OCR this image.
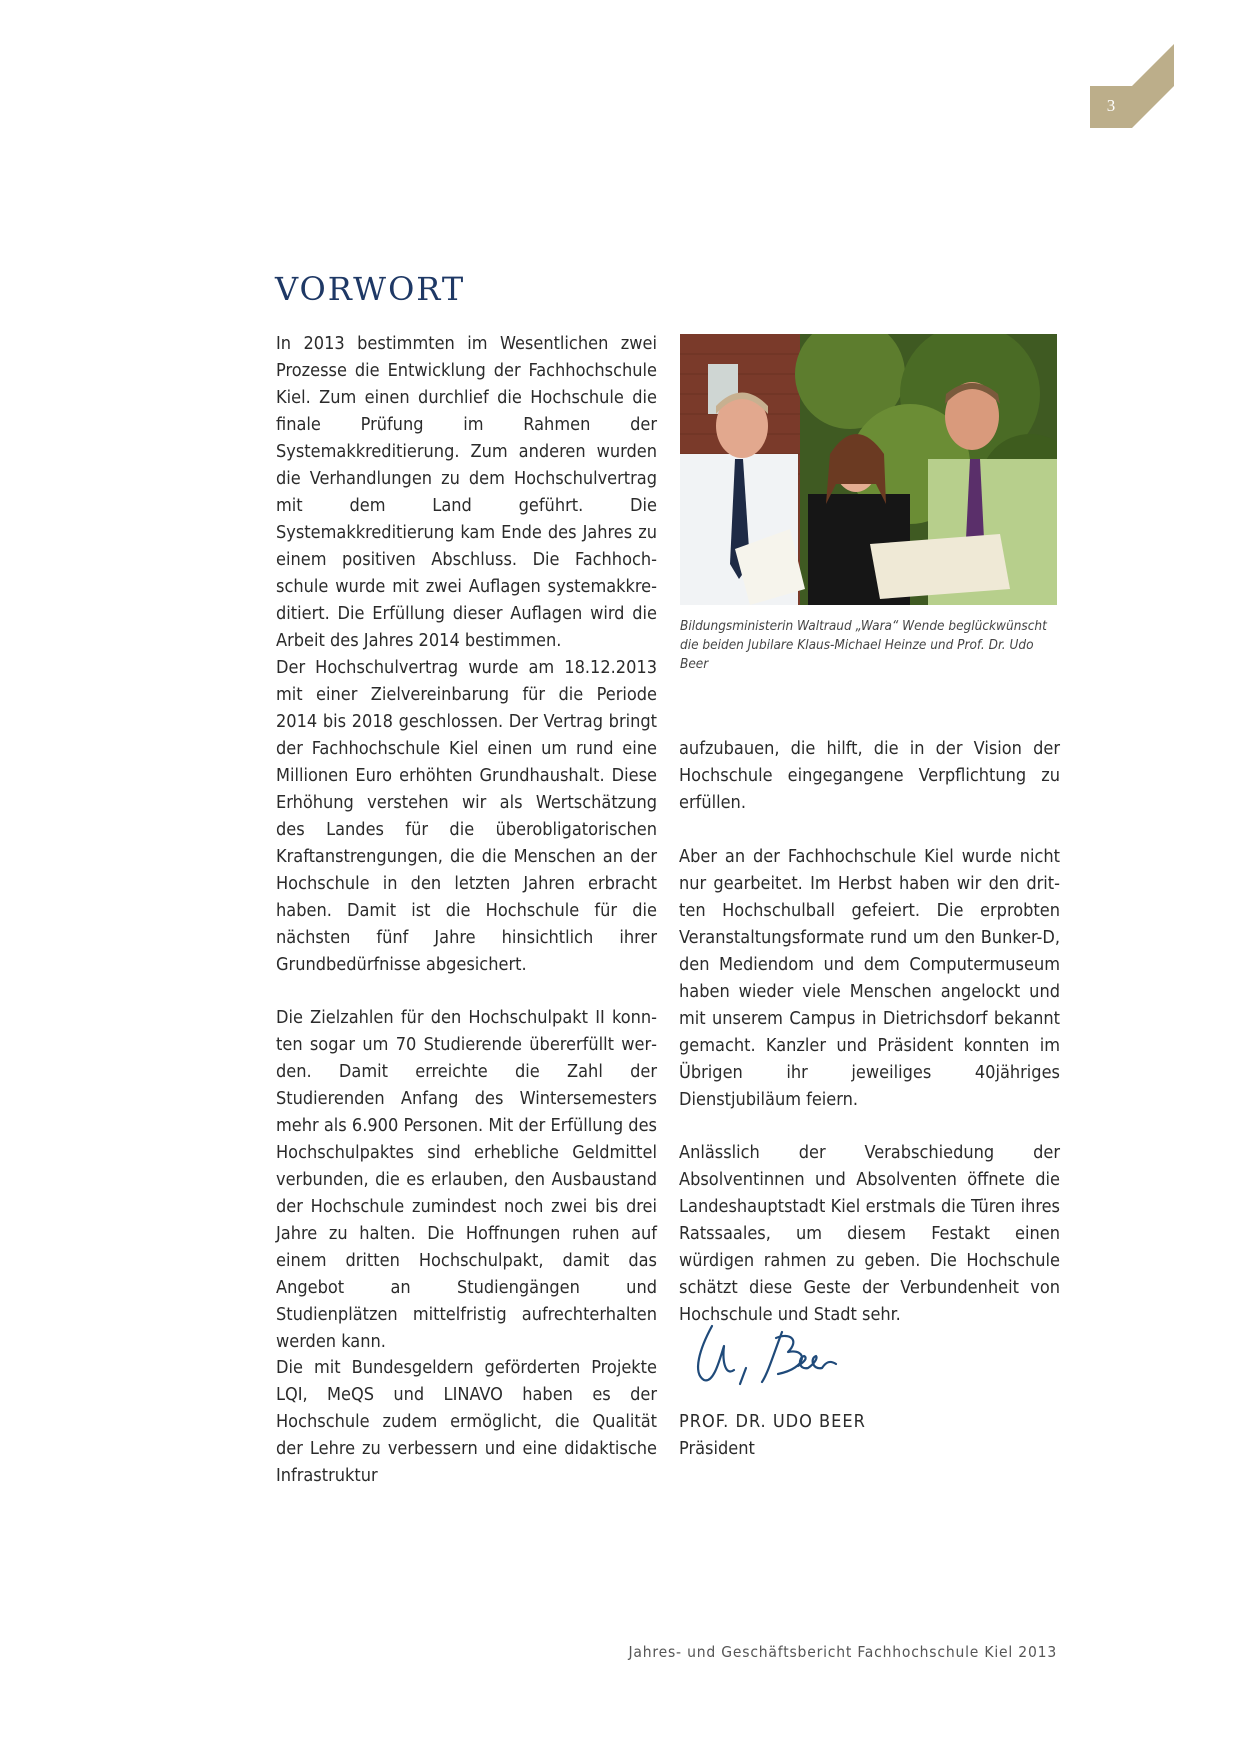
3
VORWORT

In 2013 bestimmten im Wesentlichen zwei Prozesse die Entwicklung der Fachhochschule Kiel. Zum einen durchlief die Hochschule die finale Prüfung im Rahmen der Systemakkreditierung. Zum anderen wurden die Verhandlungen zu dem Hochschulvertrag mit dem Land geführt. Die Systemakkreditierung kam Ende des Jahres zu einem positiven Abschluss. Die Fachhochschule wurde mit zwei Auflagen systemakkreditiert. Die Erfüllung dieser Auflagen wird die Arbeit des Jahres 2014 bestimmen.

Der Hochschulvertrag wurde am 18.12.2013 mit einer Zielvereinbarung für die Periode 2014 bis 2018 geschlossen. Der Vertrag bringt der Fachhochschule Kiel einen um rund eine Millionen Euro erhöhten Grundhaushalt. Diese Erhöhung verstehen wir als Wertschätzung des Landes für die überobligatorischen Kraftanstrengungen, die die Menschen an der Hochschule in den letzten Jahren erbracht haben. Damit ist die Hochschule für die nächsten fünf Jahre hinsichtlich ihrer Grundbedürfnisse abgesichert.

Die Zielzahlen für den Hochschulpakt II konnten sogar um 70 Studierende übererfüllt werden. Damit erreichte die Zahl der Studierenden Anfang des Wintersemesters mehr als 6.900 Personen. Mit der Erfüllung des Hochschulpaktes sind erhebliche Geldmittel verbunden, die es erlauben, den Ausbaustand der Hochschule zumindest noch zwei bis drei Jahre zu halten. Die Hoffnungen ruhen auf einem dritten Hochschulpakt, damit das Angebot an Studiengängen und Studienplätzen mittelfristig aufrechterhalten werden kann.

Die mit Bundesgeldern geförderten Projekte LQI, MeQS und LINAVO haben es der Hochschule zudem ermöglicht, die Qualität der Lehre zu verbessern und eine didaktische Infrastruktur

Bildungsministerin Waltraud „Wara“ Wende beglückwünscht die beiden Jubilare Klaus-Michael Heinze und Prof. Dr. Udo Beer

aufzubauen, die hilft, die in der Vision der Hochschule eingegangene Verpflichtung zu erfüllen.

Aber an der Fachhochschule Kiel wurde nicht nur gearbeitet. Im Herbst haben wir den dritten Hochschulball gefeiert. Die erprobten Veranstaltungsformate rund um den Bunker-D, den Mediendom und dem Computermuseum haben wieder viele Menschen angelockt und mit unserem Campus in Dietrichsdorf bekannt gemacht. Kanzler und Präsident konnten im Übrigen ihr jeweiliges 40jähriges Dienstjubiläum feiern.

Anlässlich der Verabschiedung der Absolventinnen und Absolventen öffnete die Landeshauptstadt Kiel erstmals die Türen ihres Ratssaales, um diesem Festakt einen würdigen rahmen zu geben. Die Hochschule schätzt diese Geste der Verbundenheit von Hochschule und Stadt sehr.

PROF. DR. UDO BEER

Präsident

Jahres- und Geschäftsbericht Fachhochschule Kiel 2013
